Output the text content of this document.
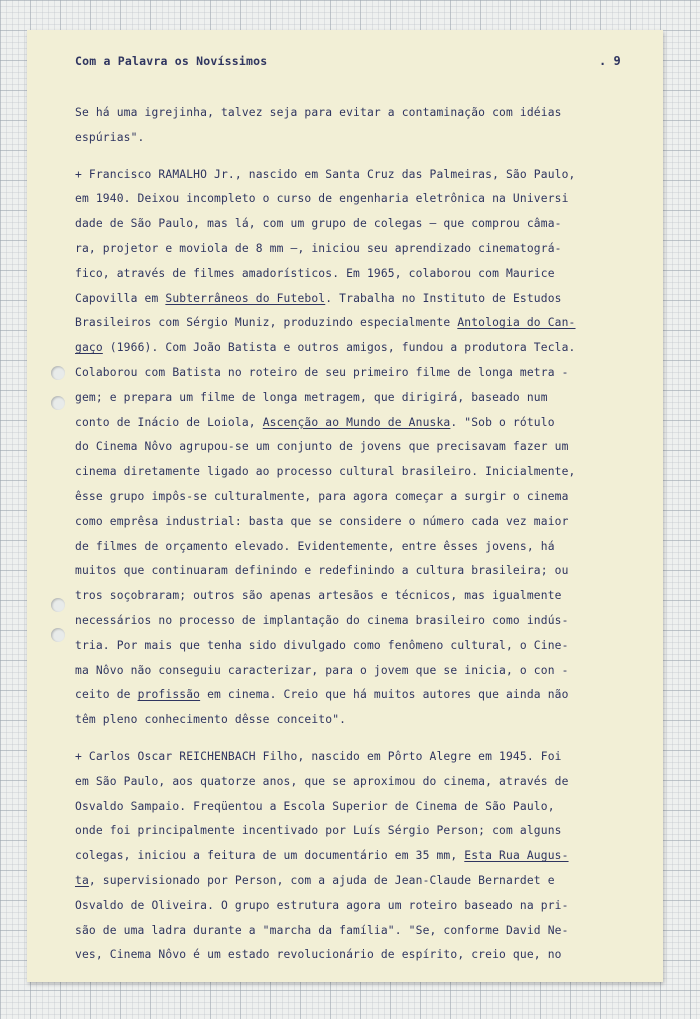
Com a Palavra os Novíssimos	. 9
Se há uma igrejinha, talvez seja para evitar a contaminação com idéias
espúrias".
+ Francisco RAMALHO Jr., nascido em Santa Cruz das Palmeiras, São Paulo,
em 1940. Deixou incompleto o curso de engenharia eletrônica na Universi
dade de São Paulo, mas lá, com um grupo de colegas — que comprou câma-
ra, projetor e moviola de 8 mm —, iniciou seu aprendizado cinematográ-
fico, através de filmes amadorísticos. Em 1965, colaborou com Maurice
Capovilla em Subterrâneos do Futebol. Trabalha no Instituto de Estudos
Brasileiros com Sérgio Muniz, produzindo especialmente Antologia do Can-
gaço (1966). Com João Batista e outros amigos, fundou a produtora Tecla.
Colaborou com Batista no roteiro de seu primeiro filme de longa metra -
gem; e prepara um filme de longa metragem, que dirigirá, baseado num
conto de Inácio de Loiola, Ascenção ao Mundo de Anuska. "Sob o rótulo
do Cinema Nôvo agrupou-se um conjunto de jovens que precisavam fazer um
cinema diretamente ligado ao processo cultural brasileiro. Inicialmente,
êsse grupo impôs-se culturalmente, para agora começar a surgir o cinema
como emprêsa industrial: basta que se considere o número cada vez maior
de filmes de orçamento elevado. Evidentemente, entre êsses jovens, há
muitos que continuaram definindo e redefinindo a cultura brasileira; ou
tros soçobraram; outros são apenas artesãos e técnicos, mas igualmente
necessários no processo de implantação do cinema brasileiro como indús-
tria. Por mais que tenha sido divulgado como fenômeno cultural, o Cine-
ma Nôvo não conseguiu caracterizar, para o jovem que se inicia, o con -
ceito de profissão em cinema. Creio que há muitos autores que ainda não
têm pleno conhecimento dêsse conceito".
+ Carlos Oscar REICHENBACH Filho, nascido em Pôrto Alegre em 1945. Foi
em São Paulo, aos quatorze anos, que se aproximou do cinema, através de
Osvaldo Sampaio. Freqüentou a Escola Superior de Cinema de São Paulo,
onde foi principalmente incentivado por Luís Sérgio Person; com alguns
colegas, iniciou a feitura de um documentário em 35 mm, Esta Rua Augus-
ta, supervisionado por Person, com a ajuda de Jean-Claude Bernardet e
Osvaldo de Oliveira. O grupo estrutura agora um roteiro baseado na pri-
são de uma ladra durante a "marcha da família". "Se, conforme David Ne-
ves, Cinema Nôvo é um estado revolucionário de espírito, creio que, no
